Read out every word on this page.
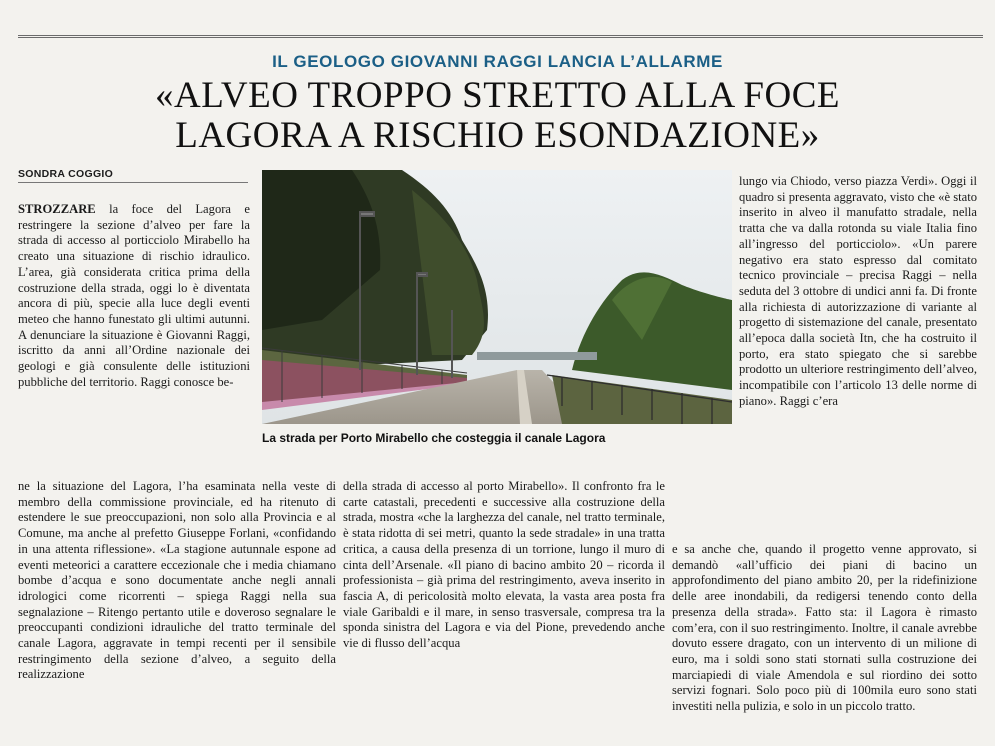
IL GEOLOGO GIOVANNI RAGGI LANCIA L’ALLARME
«ALVEO TROPPO STRETTO ALLA FOCE
LAGORA A RISCHIO ESONDAZIONE»
SONDRA COGGIO

STROZZARE la foce del Lagora e restringere la sezione d’alveo per fare la strada di accesso al porticciolo Mirabello ha creato una situazione di rischio idraulico. L’area, già considerata critica prima della costruzione della strada, oggi lo è diventata ancora di più, specie alla luce degli eventi meteo che hanno funestato gli ultimi autunni. A denunciare la situazione è Giovanni Raggi, iscritto da anni all’Ordine nazionale dei geologi e già consulente delle istituzioni pubbliche del territorio. Raggi conosce be-

La strada per Porto Mirabello che costeggia il canale Lagora

ne la situazione del Lagora, l’ha esaminata nella veste di membro della commissione provinciale, ed ha ritenuto di estendere le sue preoccupazioni, non solo alla Provincia e al Comune, ma anche al prefetto Giuseppe Forlani, «confidando in una attenta riflessione». «La stagione autunnale espone ad eventi meteorici a carattere eccezionale che i media chiamano bombe d’acqua e sono documentate anche negli annali idrologici come ricorrenti – spiega Raggi nella sua segnalazione – Ritengo pertanto utile e doveroso segnalare le preoccupanti condizioni idrauliche del tratto terminale del canale Lagora, aggravate in tempi recenti per il sensibile restringimento della sezione d’alveo, a seguito della realizzazione

della strada di accesso al porto Mirabello». Il confronto fra le carte catastali, precedenti e successive alla costruzione della strada, mostra «che la larghezza del canale, nel tratto terminale, è stata ridotta di sei metri, quanto la sede stradale» in una tratta critica, a causa della presenza di un torrione, lungo il muro di cinta dell’Arsenale. «Il piano di bacino ambito 20 – ricorda il professionista – già prima del restringimento, aveva inserito in fascia A, di pericolosità molto elevata, la vasta area posta fra viale Garibaldi e il mare, in senso trasversale, compresa tra la sponda sinistra del Lagora e via del Pione, prevedendo anche vie di flusso dell’acqua

lungo via Chiodo, verso piazza Verdi». Oggi il quadro si presenta aggravato, visto che «è stato inserito in alveo il manufatto stradale, nella tratta che va dalla rotonda su viale Italia fino all’ingresso del porticciolo». «Un parere negativo era stato espresso dal comitato tecnico provinciale – precisa Raggi – nella seduta del 3 ottobre di undici anni fa. Di fronte alla richiesta di autorizzazione di variante al progetto di sistemazione del canale, presentato all’epoca dalla società Itn, che ha costruito il porto, era stato spiegato che si sarebbe prodotto un ulteriore restringimento dell’alveo, incompatibile con l’articolo 13 delle norme di piano». Raggi c’era

e sa anche che, quando il progetto venne approvato, si demandò «all’ufficio dei piani di bacino un approfondimento del piano ambito 20, per la ridefinizione delle aree inondabili, da redigersi tenendo conto della presenza della strada». Fatto sta: il Lagora è rimasto com’era, con il suo restringimento. Inoltre, il canale avrebbe dovuto essere dragato, con un intervento di un milione di euro, ma i soldi sono stati stornati sulla costruzione dei marciapiedi di viale Amendola e sul riordino dei sotto servizi fognari. Solo poco più di 100mila euro sono stati investiti nella pulizia, e solo in un piccolo tratto.
